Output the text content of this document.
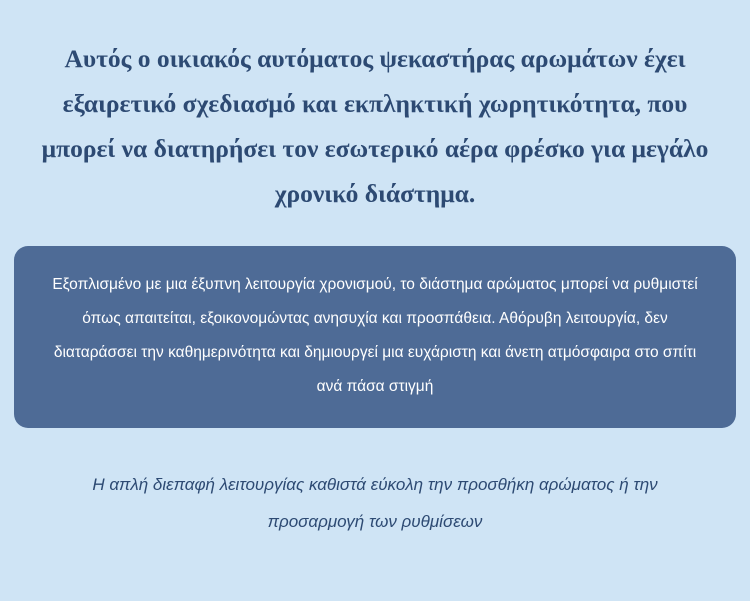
Αυτός ο οικιακός αυτόματος ψεκαστήρας αρωμάτων έχει εξαιρετικό σχεδιασμό και εκπληκτική χωρητικότητα, που μπορεί να διατηρήσει τον εσωτερικό αέρα φρέσκο για μεγάλο χρονικό διάστημα.

Εξοπλισμένο με μια έξυπνη λειτουργία χρονισμού, το διάστημα αρώματος μπορεί να ρυθμιστεί όπως απαιτείται, εξοικονομώντας ανησυχία και προσπάθεια. Αθόρυβη λειτουργία, δεν διαταράσσει την καθημερινότητα και δημιουργεί μια ευχάριστη και άνετη ατμόσφαιρα στο σπίτι ανά πάσα στιγμή

Η απλή διεπαφή λειτουργίας καθιστά εύκολη την προσθήκη αρώματος ή την προσαρμογή των ρυθμίσεων
